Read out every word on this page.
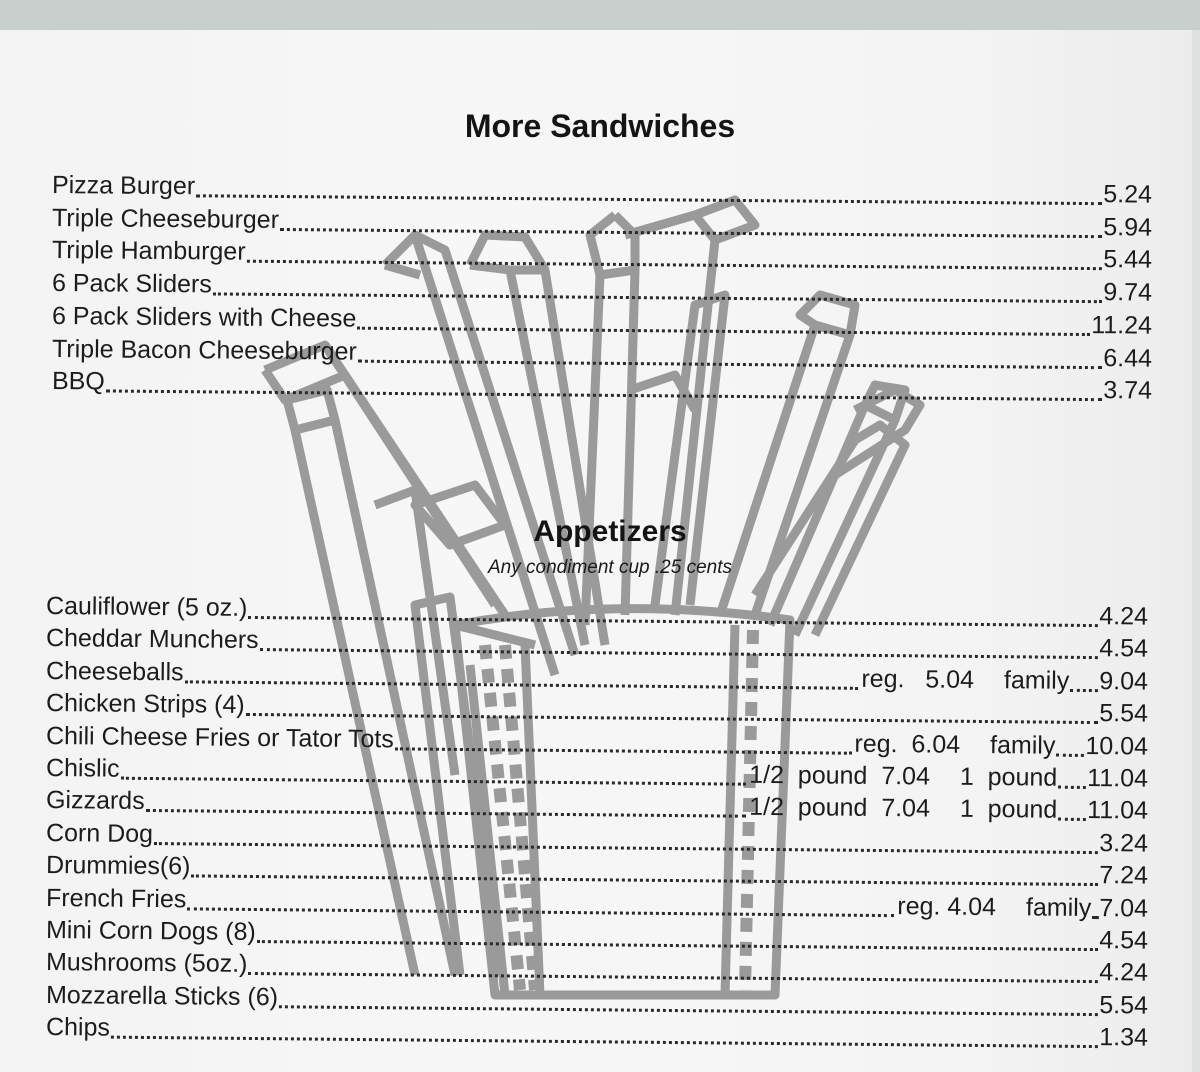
More Sandwiches
Appetizers
Any condiment cup .25 cents
Pizza Burger	5.24
Triple Cheeseburger	5.94
Triple Hamburger	5.44
6 Pack Sliders	9.74
6 Pack Sliders with Cheese	11.24
Triple Bacon Cheeseburger	6.44
BBQ	3.74
Cauliflower (5 oz.)	4.24
Cheddar Munchers	4.54
Cheeseballs	reg.   5.04	family 9.04
Chicken Strips (4)	5.54
Chili Cheese Fries or Tator Tots	reg.  6.04	family 10.04
Chislic	1/2  pound  7.04	1  pound 11.04
Gizzards	1/2  pound  7.04	1  pound 11.04
Corn Dog	3.24
Drummies(6)	7.24
French Fries	reg. 4.04	family 7.04
Mini Corn Dogs (8)	4.54
Mushrooms (5oz.)	4.24
Mozzarella Sticks (6)	5.54
Chips	1.34
